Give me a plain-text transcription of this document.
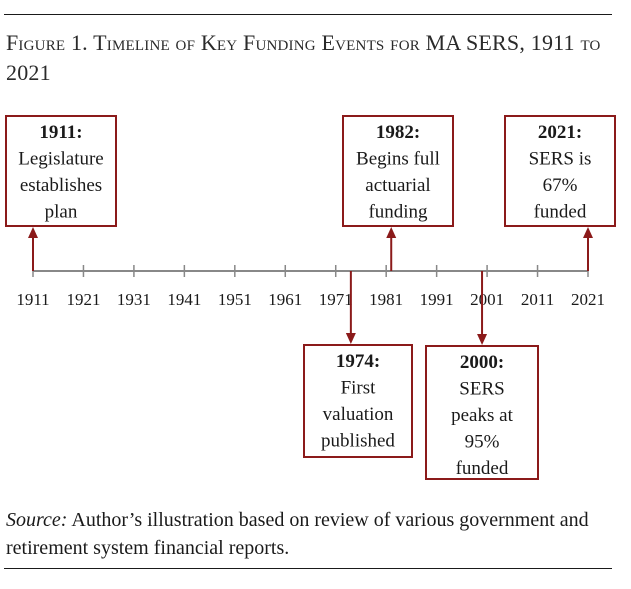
Figure 1. Timeline of Key Funding Events for MA SERS, 1911 to 2021
1911 1921 1931 1941 1951 1961 1971 1981 1991 2001 2011 2021
1911:
Legislature
establishes
plan
1982:
Begins full
actuarial
funding
2021:
SERS is
67%
funded
1974:
First
valuation
published
2000:
SERS
peaks at
95%
funded
Source: Author’s illustration based on review of various government and retirement system financial reports.
